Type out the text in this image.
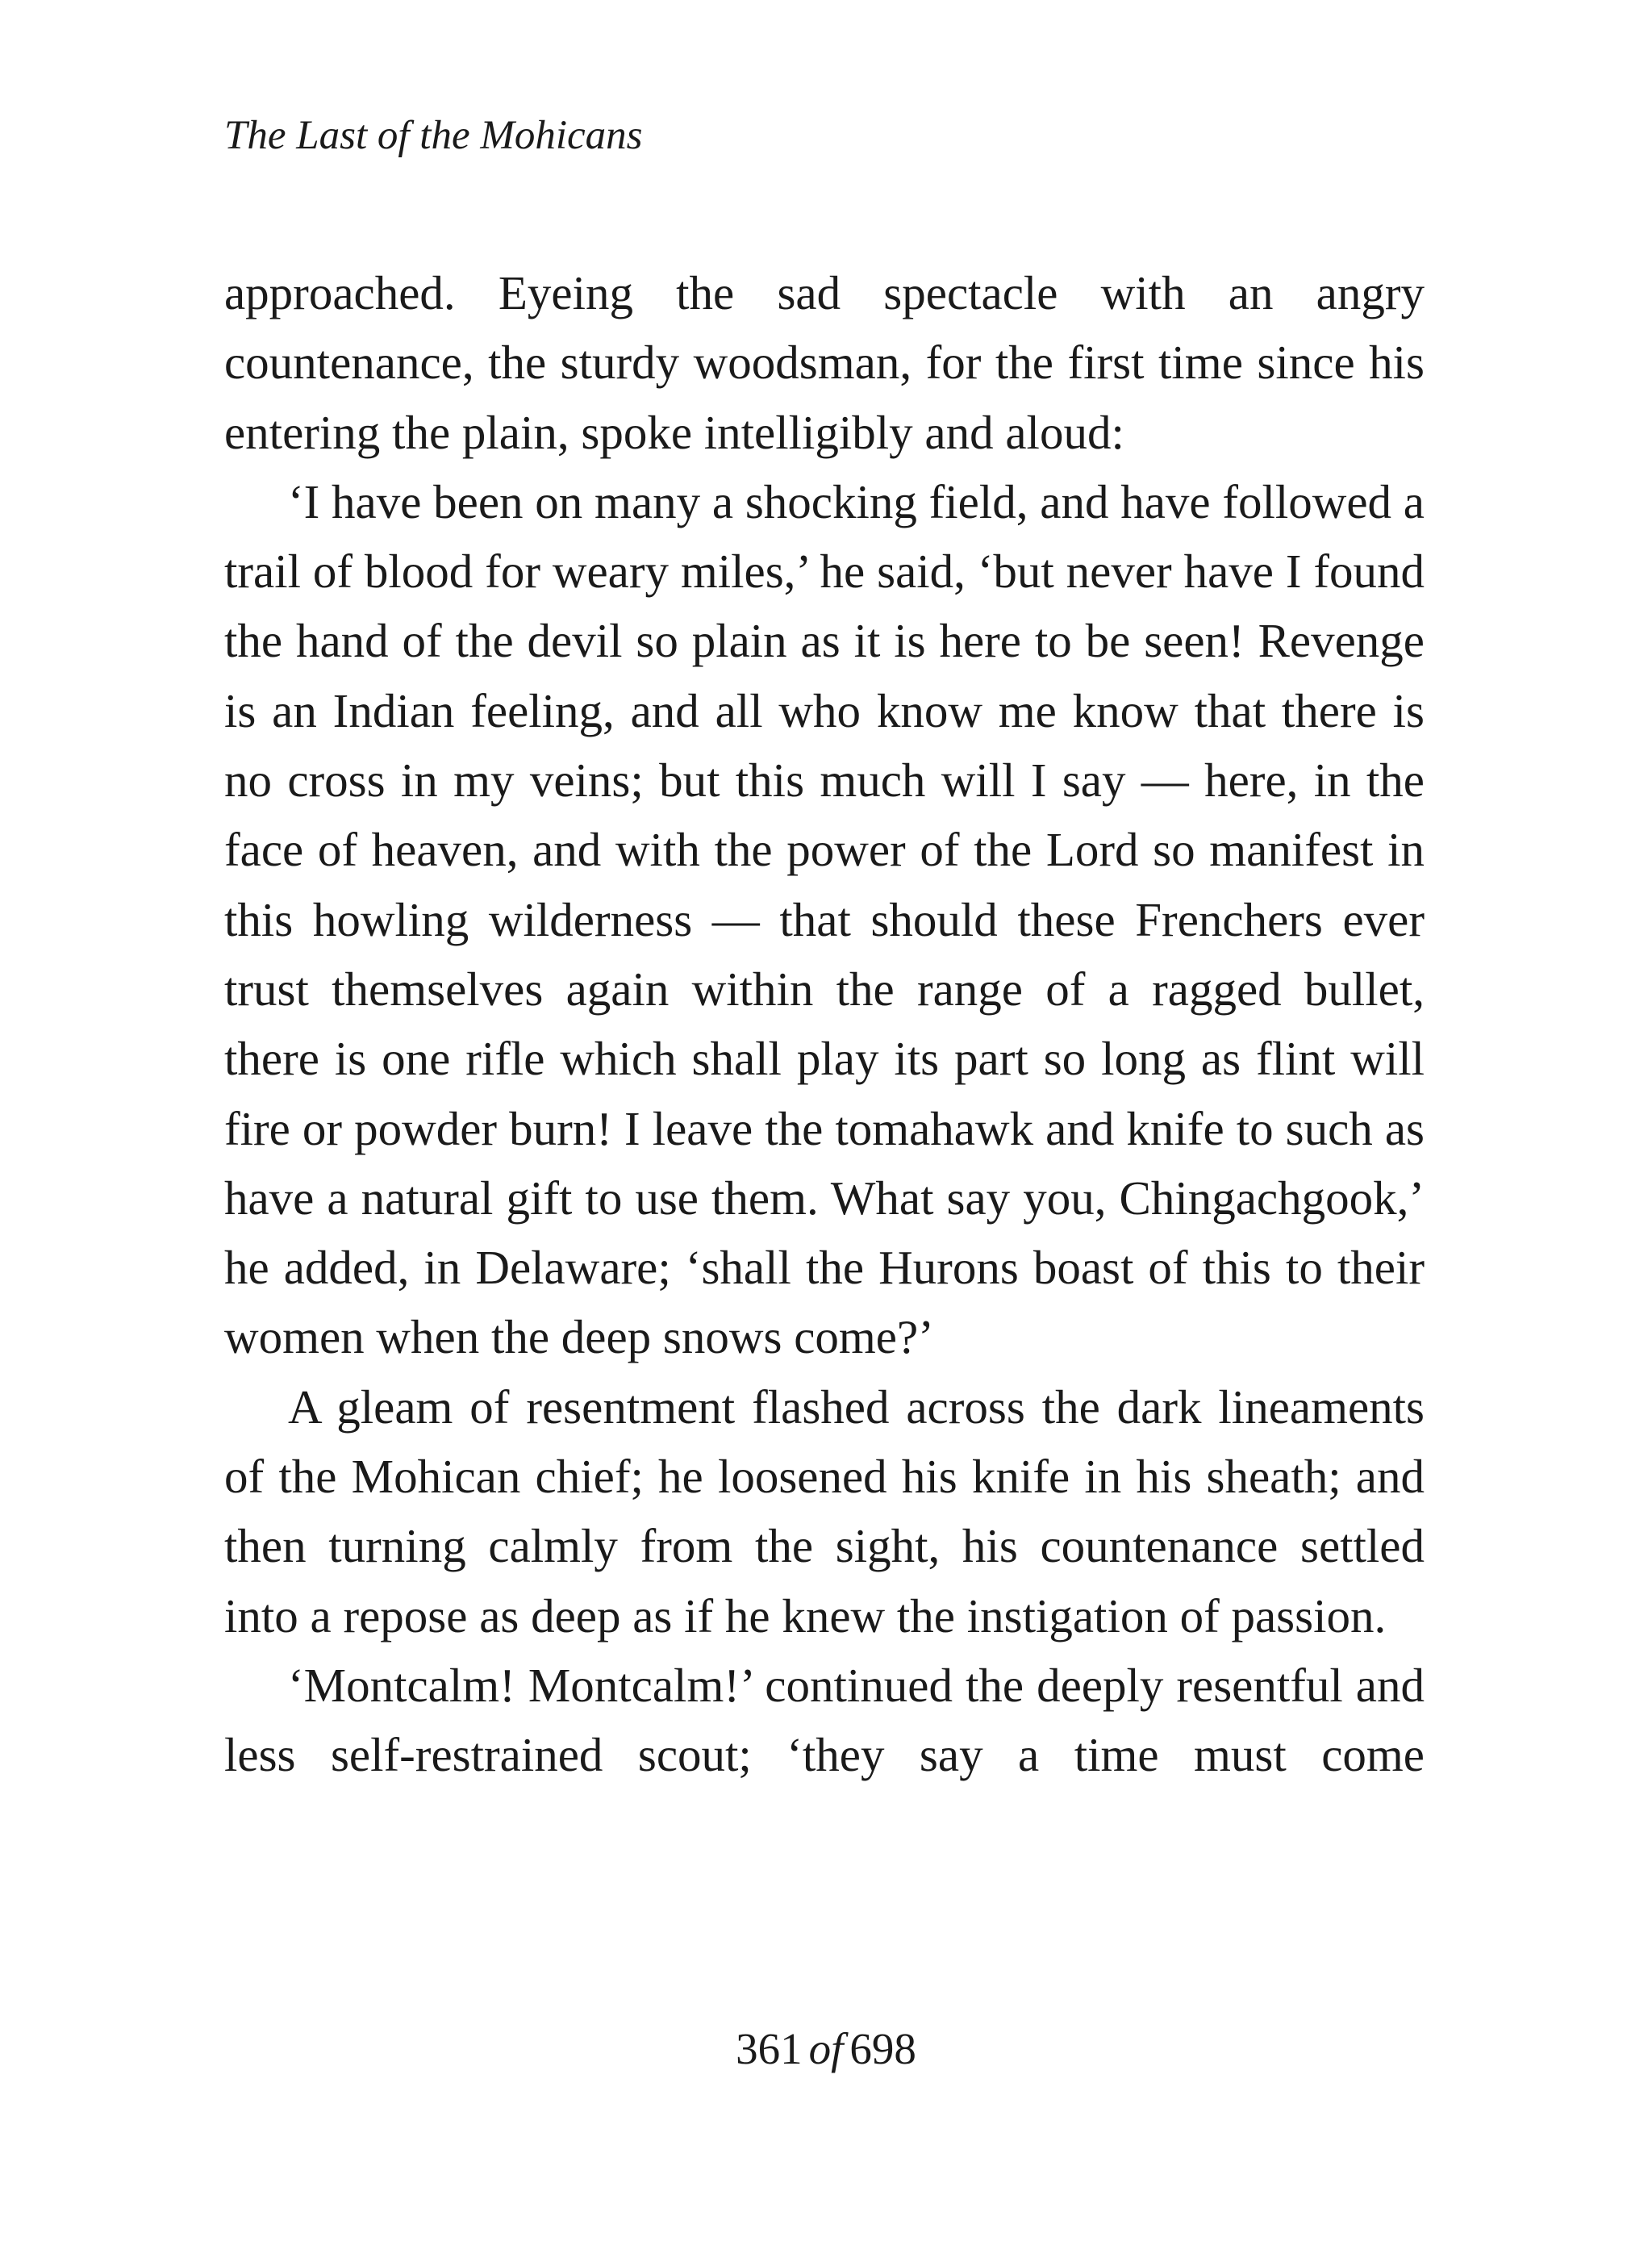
The Last of the Mohicans

approached. Eyeing the sad spectacle with an angry countenance, the sturdy woodsman, for the first time since his entering the plain, spoke intelligibly and aloud:

‘I have been on many a shocking field, and have followed a trail of blood for weary miles,’ he said, ‘but never have I found the hand of the devil so plain as it is here to be seen! Revenge is an Indian feeling, and all who know me know that there is no cross in my veins; but this much will I say — here, in the face of heaven, and with the power of the Lord so manifest in this howling wilderness — that should these Frenchers ever trust themselves again within the range of a ragged bullet, there is one rifle which shall play its part so long as flint will fire or powder burn! I leave the tomahawk and knife to such as have a natural gift to use them. What say you, Chingachgook,’ he added, in Delaware; ‘shall the Hurons boast of this to their women when the deep snows come?’

A gleam of resentment flashed across the dark lineaments of the Mohican chief; he loosened his knife in his sheath; and then turning calmly from the sight, his countenance settled into a repose as deep as if he knew the instigation of passion.

‘Montcalm! Montcalm!’ continued the deeply resentful and less self-restrained scout; ‘they say a time must come

361 of 698
